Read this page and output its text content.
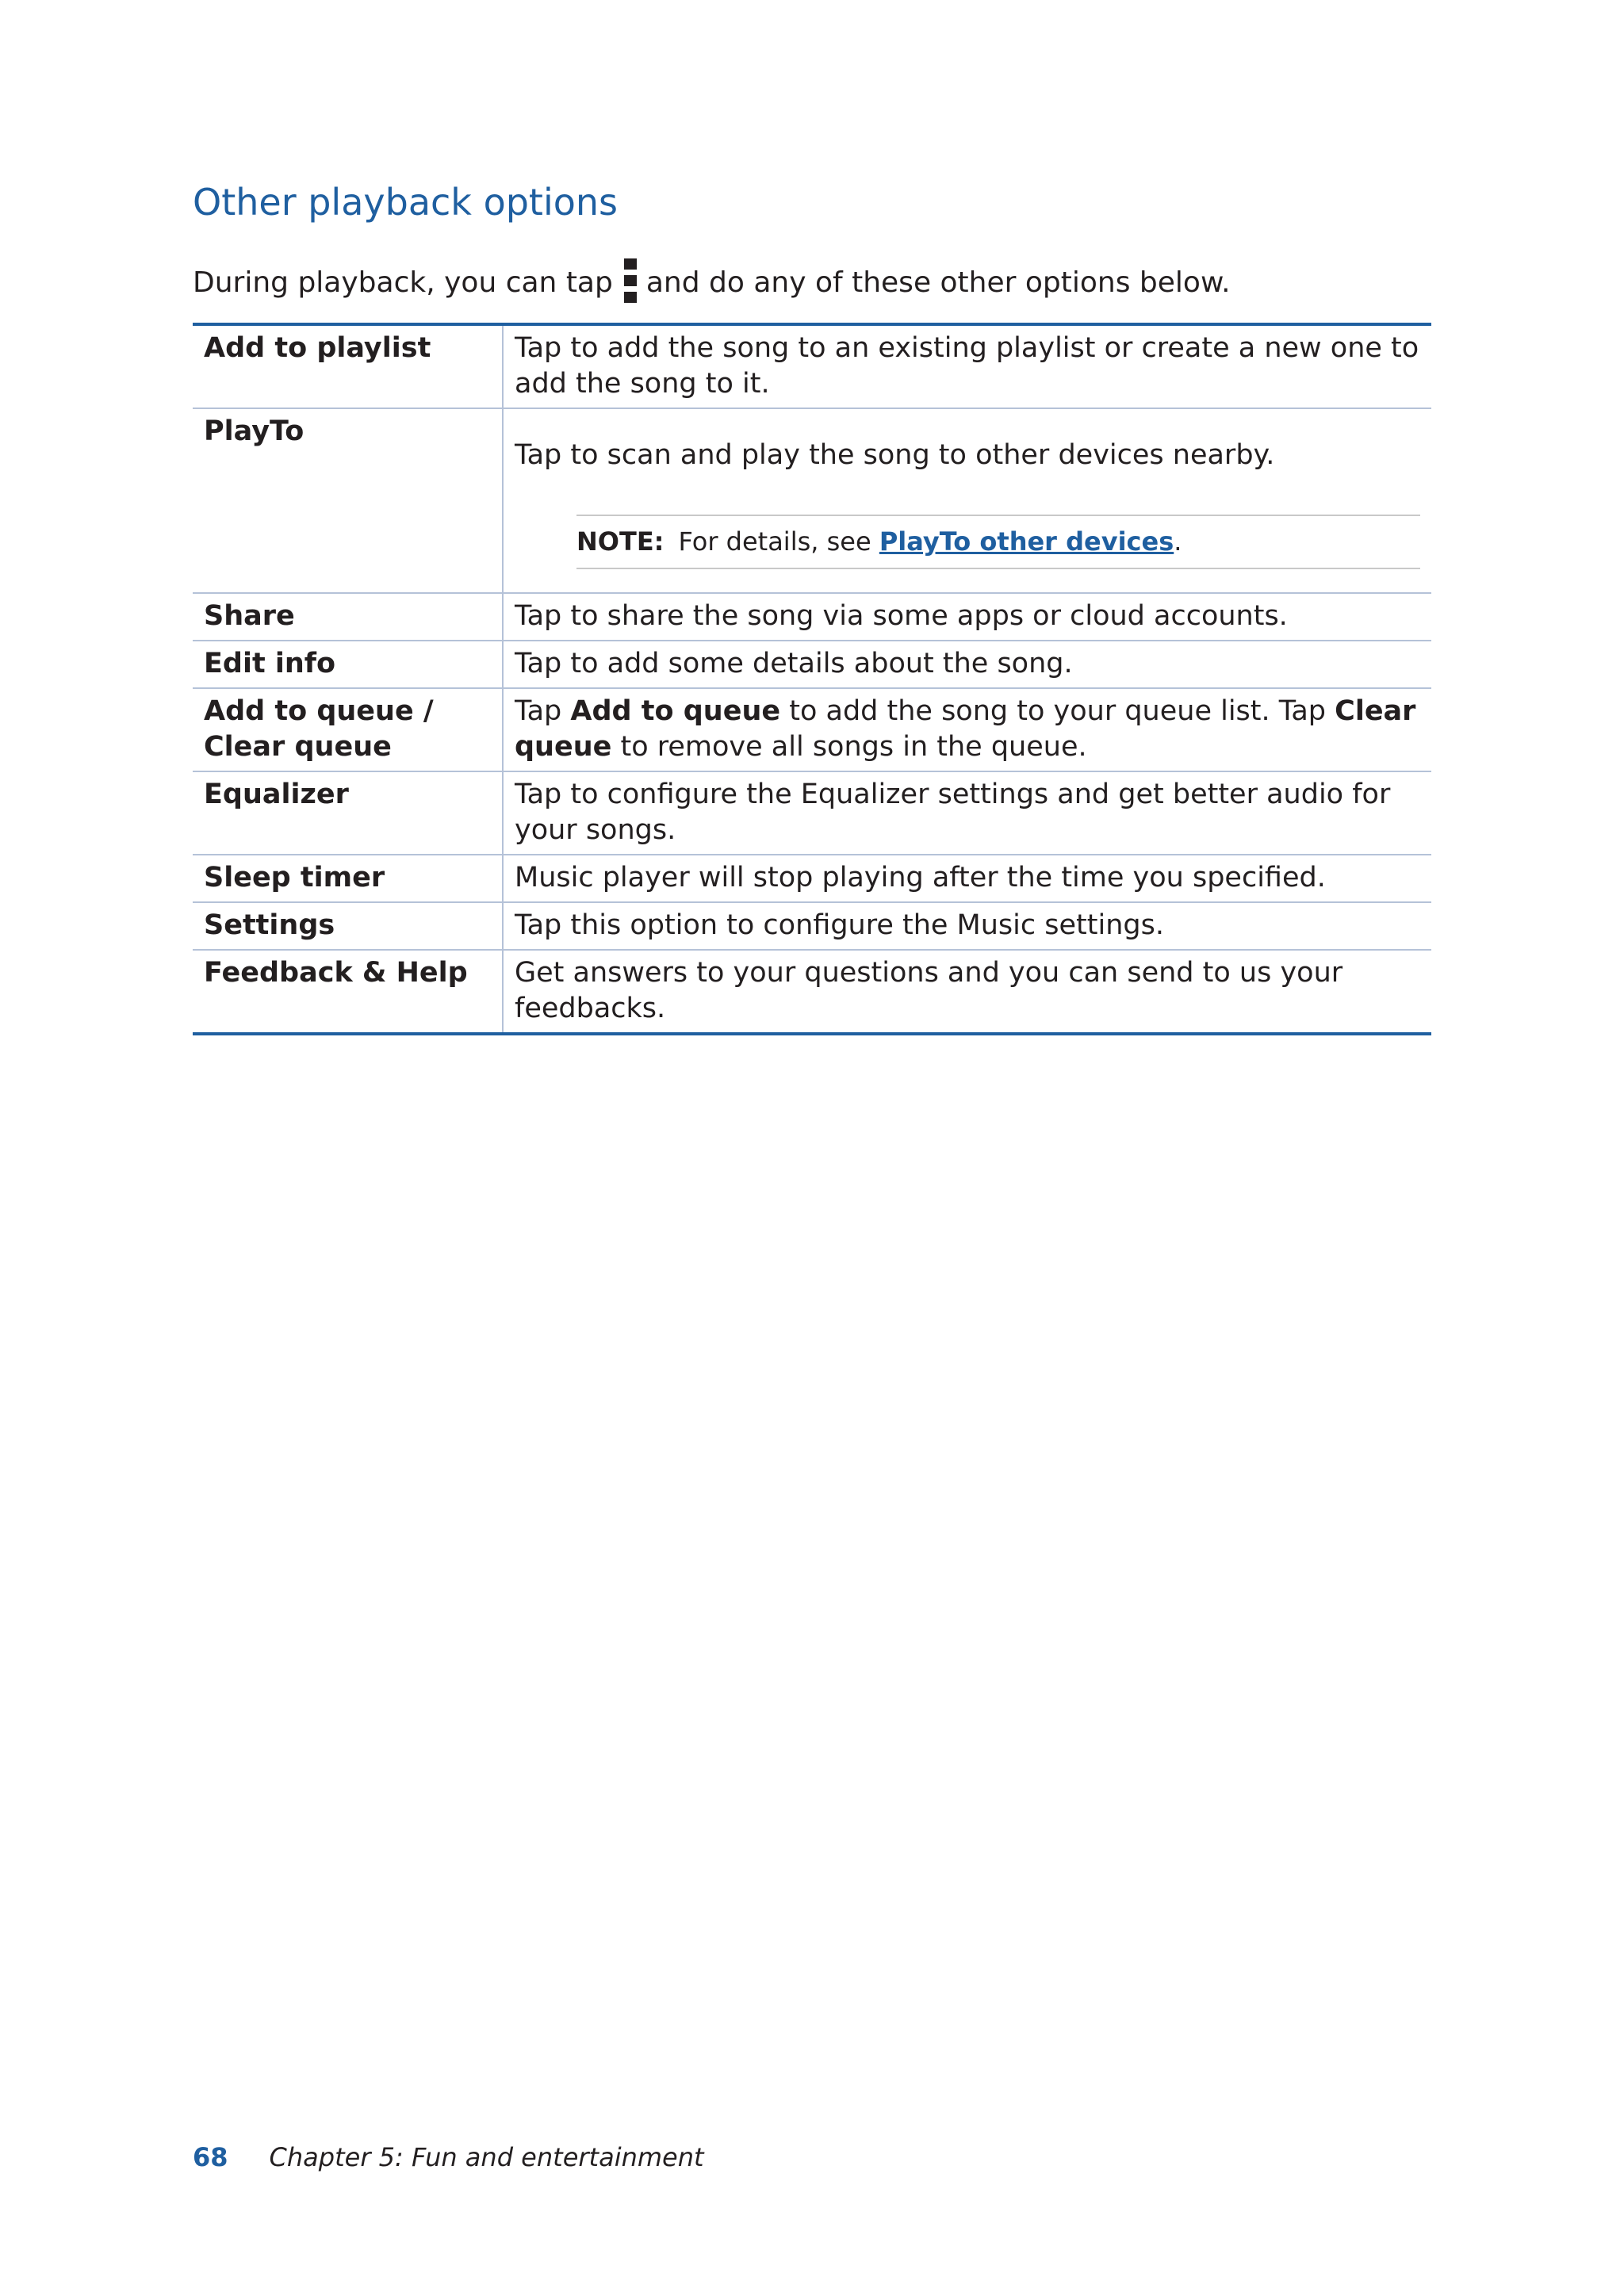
Other playback options
During playback, you can tap and do any of these other options below.
Add to playlist	Tap to add the song to an existing playlist or create a new one to add the song to it.
PlayTo	Tap to scan and play the song to other devices nearby.
NOTE: For details, see PlayTo other devices.

Share	Tap to share the song via some apps or cloud accounts.
Edit info	Tap to add some details about the song.
Add to queue / Clear queue	Tap Add to queue to add the song to your queue list. Tap Clear queue to remove all songs in the queue.
Equalizer	Tap to configure the Equalizer settings and get better audio for your songs.
Sleep timer	Music player will stop playing after the time you specified.
Settings	Tap this option to configure the Music settings.
Feedback & Help	Get answers to your questions and you can send to us your feedbacks.
68 Chapter 5: Fun and entertainment
